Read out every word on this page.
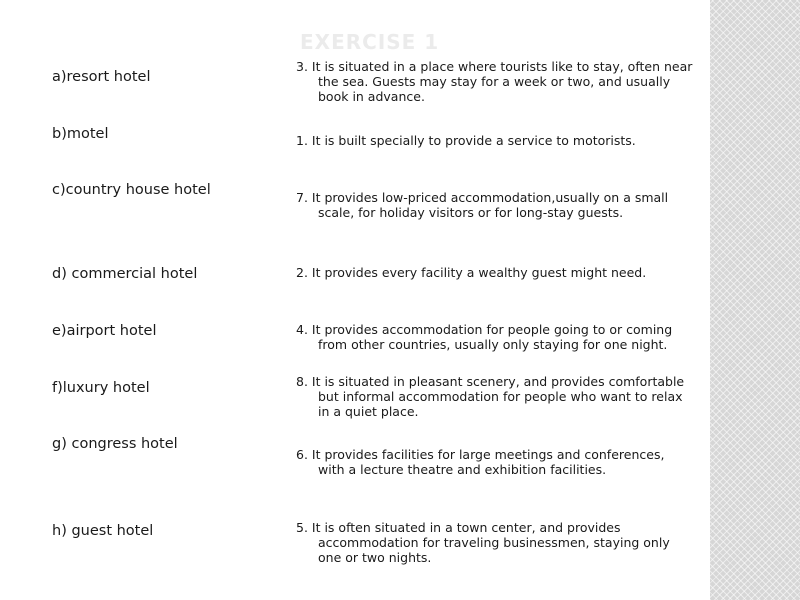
EXERCISE 1
a)resort hotel
b)motel
c)country house hotel
d) commercial hotel
e)airport hotel
f)luxury hotel
g) congress hotel
h) guest hotel
3. It is situated in a place where tourists like to stay, often near the sea. Guests may stay for a week or two, and usually book in advance.
1. It is built specially to provide a service to motorists.
7. It provides low-priced accommodation,usually on a small scale, for holiday visitors or for long-stay guests.
2. It provides every facility a wealthy guest might need.
4. It provides accommodation for people going to or coming from other countries, usually only staying for one night.
8. It is situated in pleasant scenery, and provides comfortable but informal accommodation for people who want to relax in a quiet place.
6. It provides facilities for large meetings and conferences, with a lecture theatre and exhibition facilities.
5. It is often situated in a town center, and provides accommodation for traveling businessmen, staying only one or two nights.
